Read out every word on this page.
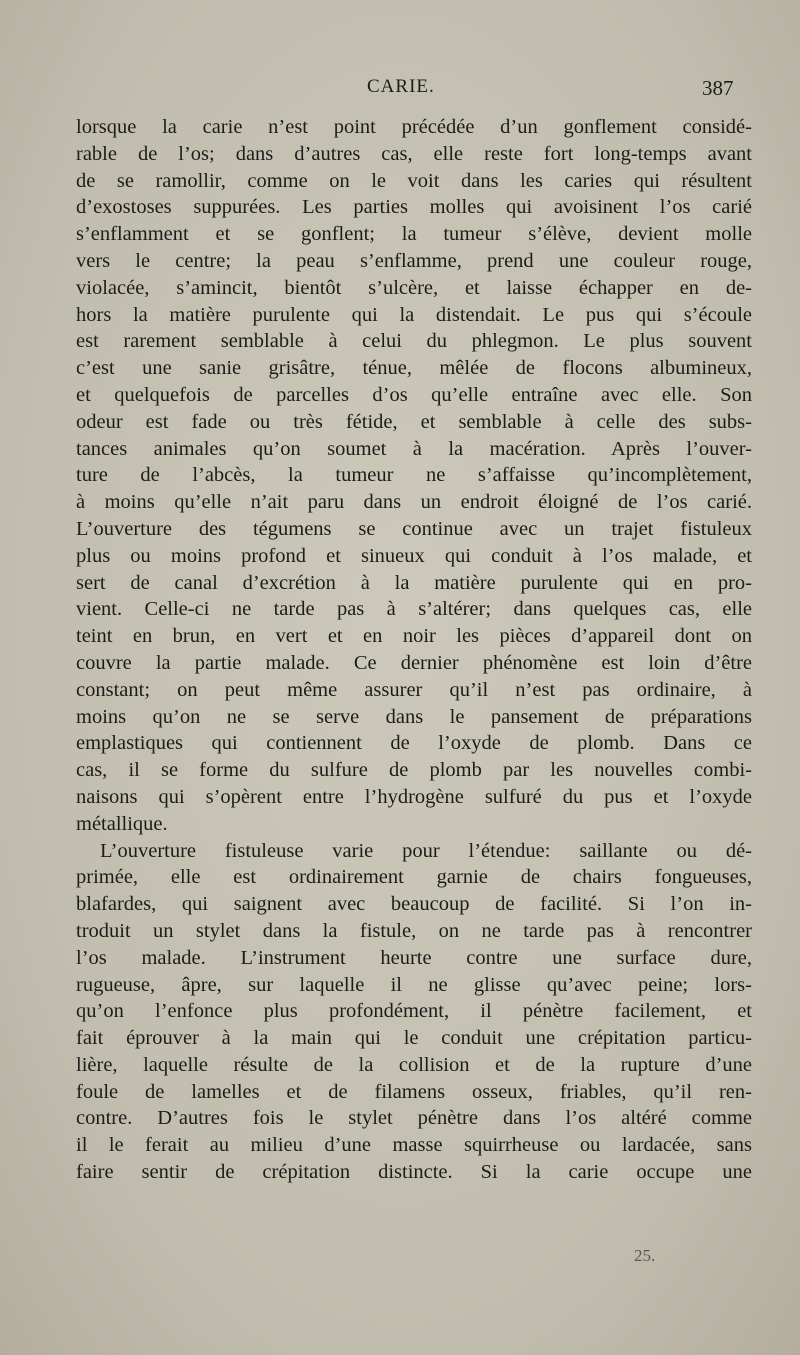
CARIE.	387
lorsque la carie n’est point précédée d’un gonflement considé-
rable de l’os; dans d’autres cas, elle reste fort long-temps avant
de se ramollir, comme on le voit dans les caries qui résultent
d’exostoses suppurées. Les parties molles qui avoisinent l’os carié
s’enflamment et se gonflent; la tumeur s’élève, devient molle
vers le centre; la peau s’enflamme, prend une couleur rouge,
violacée, s’amincit, bientôt s’ulcère, et laisse échapper en de-
hors la matière purulente qui la distendait. Le pus qui s’écoule
est rarement semblable à celui du phlegmon. Le plus souvent
c’est une sanie grisâtre, ténue, mêlée de flocons albumineux,
et quelquefois de parcelles d’os qu’elle entraîne avec elle. Son
odeur est fade ou très fétide, et semblable à celle des subs-
tances animales qu’on soumet à la macération. Après l’ouver-
ture de l’abcès, la tumeur ne s’affaisse qu’incomplètement,
à moins qu’elle n’ait paru dans un endroit éloigné de l’os carié.
L’ouverture des tégumens se continue avec un trajet fistuleux
plus ou moins profond et sinueux qui conduit à l’os malade, et
sert de canal d’excrétion à la matière purulente qui en pro-
vient. Celle-ci ne tarde pas à s’altérer; dans quelques cas, elle
teint en brun, en vert et en noir les pièces d’appareil dont on
couvre la partie malade. Ce dernier phénomène est loin d’être
constant; on peut même assurer qu’il n’est pas ordinaire, à
moins qu’on ne se serve dans le pansement de préparations
emplastiques qui contiennent de l’oxyde de plomb. Dans ce
cas, il se forme du sulfure de plomb par les nouvelles combi-
naisons qui s’opèrent entre l’hydrogène sulfuré du pus et l’oxyde
métallique.
L’ouverture fistuleuse varie pour l’étendue: saillante ou dé-
primée, elle est ordinairement garnie de chairs fongueuses,
blafardes, qui saignent avec beaucoup de facilité. Si l’on in-
troduit un stylet dans la fistule, on ne tarde pas à rencontrer
l’os malade. L’instrument heurte contre une surface dure,
rugueuse, âpre, sur laquelle il ne glisse qu’avec peine; lors-
qu’on l’enfonce plus profondément, il pénètre facilement, et
fait éprouver à la main qui le conduit une crépitation particu-
lière, laquelle résulte de la collision et de la rupture d’une
foule de lamelles et de filamens osseux, friables, qu’il ren-
contre. D’autres fois le stylet pénètre dans l’os altéré comme
il le ferait au milieu d’une masse squirrheuse ou lardacée, sans
faire sentir de crépitation distincte. Si la carie occupe une
25.
